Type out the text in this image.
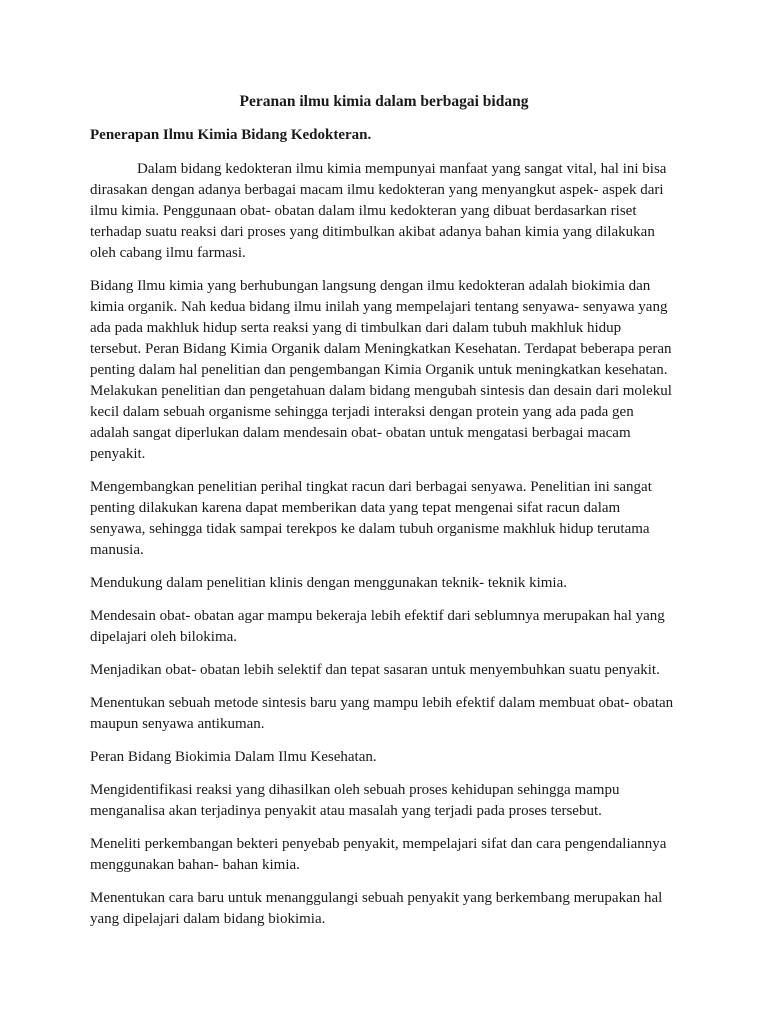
Peranan ilmu kimia dalam berbagai bidang
Penerapan Ilmu Kimia Bidang Kedokteran.

Dalam bidang kedokteran ilmu kimia mempunyai manfaat yang sangat vital, hal ini bisa
dirasakan dengan adanya berbagai macam ilmu kedokteran yang menyangkut aspek- aspek dari
ilmu kimia. Penggunaan obat- obatan dalam ilmu kedokteran yang dibuat berdasarkan riset
terhadap suatu reaksi dari proses yang ditimbulkan akibat adanya bahan kimia yang dilakukan
oleh cabang ilmu farmasi.

Bidang Ilmu kimia yang berhubungan langsung dengan ilmu kedokteran adalah biokimia dan
kimia organik. Nah kedua bidang ilmu inilah yang mempelajari tentang senyawa- senyawa yang
ada pada makhluk hidup serta reaksi yang di timbulkan dari dalam tubuh makhluk hidup
tersebut. Peran Bidang Kimia Organik dalam Meningkatkan Kesehatan. Terdapat beberapa peran
penting dalam hal penelitian dan pengembangan Kimia Organik untuk meningkatkan kesehatan.
Melakukan penelitian dan pengetahuan dalam bidang mengubah sintesis dan desain dari molekul
kecil dalam sebuah organisme sehingga terjadi interaksi dengan protein yang ada pada gen
adalah sangat diperlukan dalam mendesain obat- obatan untuk mengatasi berbagai macam
penyakit.

Mengembangkan penelitian perihal tingkat racun dari berbagai senyawa. Penelitian ini sangat
penting dilakukan karena dapat memberikan data yang tepat mengenai sifat racun dalam
senyawa, sehingga tidak sampai terekpos ke dalam tubuh organisme makhluk hidup terutama
manusia.

Mendukung dalam penelitian klinis dengan menggunakan teknik- teknik kimia.

Mendesain obat- obatan agar mampu bekeraja lebih efektif dari seblumnya merupakan hal yang
dipelajari oleh bilokima.

Menjadikan obat- obatan lebih selektif dan tepat sasaran untuk menyembuhkan suatu penyakit.

Menentukan sebuah metode sintesis baru yang mampu lebih efektif dalam membuat obat- obatan
maupun senyawa antikuman.

Peran Bidang Biokimia Dalam Ilmu Kesehatan.

Mengidentifikasi reaksi yang dihasilkan oleh sebuah proses kehidupan sehingga mampu
menganalisa akan terjadinya penyakit atau masalah yang terjadi pada proses tersebut.

Meneliti perkembangan bekteri penyebab penyakit, mempelajari sifat dan cara pengendaliannya
menggunakan bahan- bahan kimia.

Menentukan cara baru untuk menanggulangi sebuah penyakit yang berkembang merupakan hal
yang dipelajari dalam bidang biokimia.
